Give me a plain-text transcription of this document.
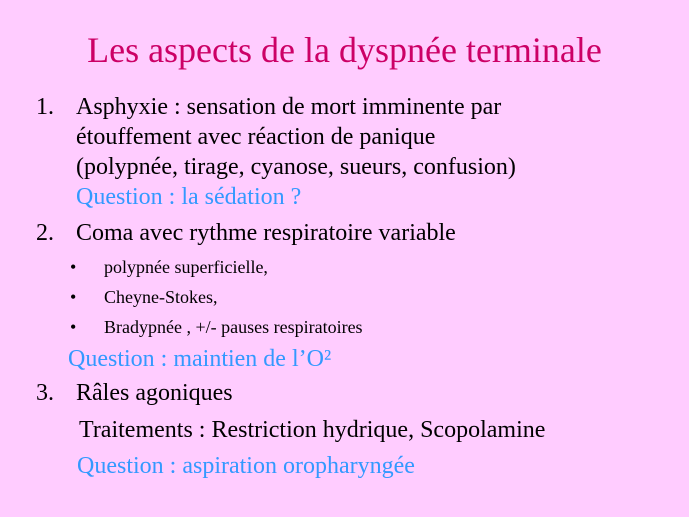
Les aspects de la dyspnée terminale
1. Asphyxie : sensation de mort imminente par
étouffement avec réaction de panique
(polypnée, tirage, cyanose, sueurs, confusion)
Question : la sédation ?
2. Coma avec rythme respiratoire variable
• polypnée superficielle,
• Cheyne-Stokes,
• Bradypnée , +/- pauses respiratoires
Question : maintien de l’O²
3. Râles agoniques
Traitements : Restriction hydrique, Scopolamine
Question : aspiration oropharyngée
